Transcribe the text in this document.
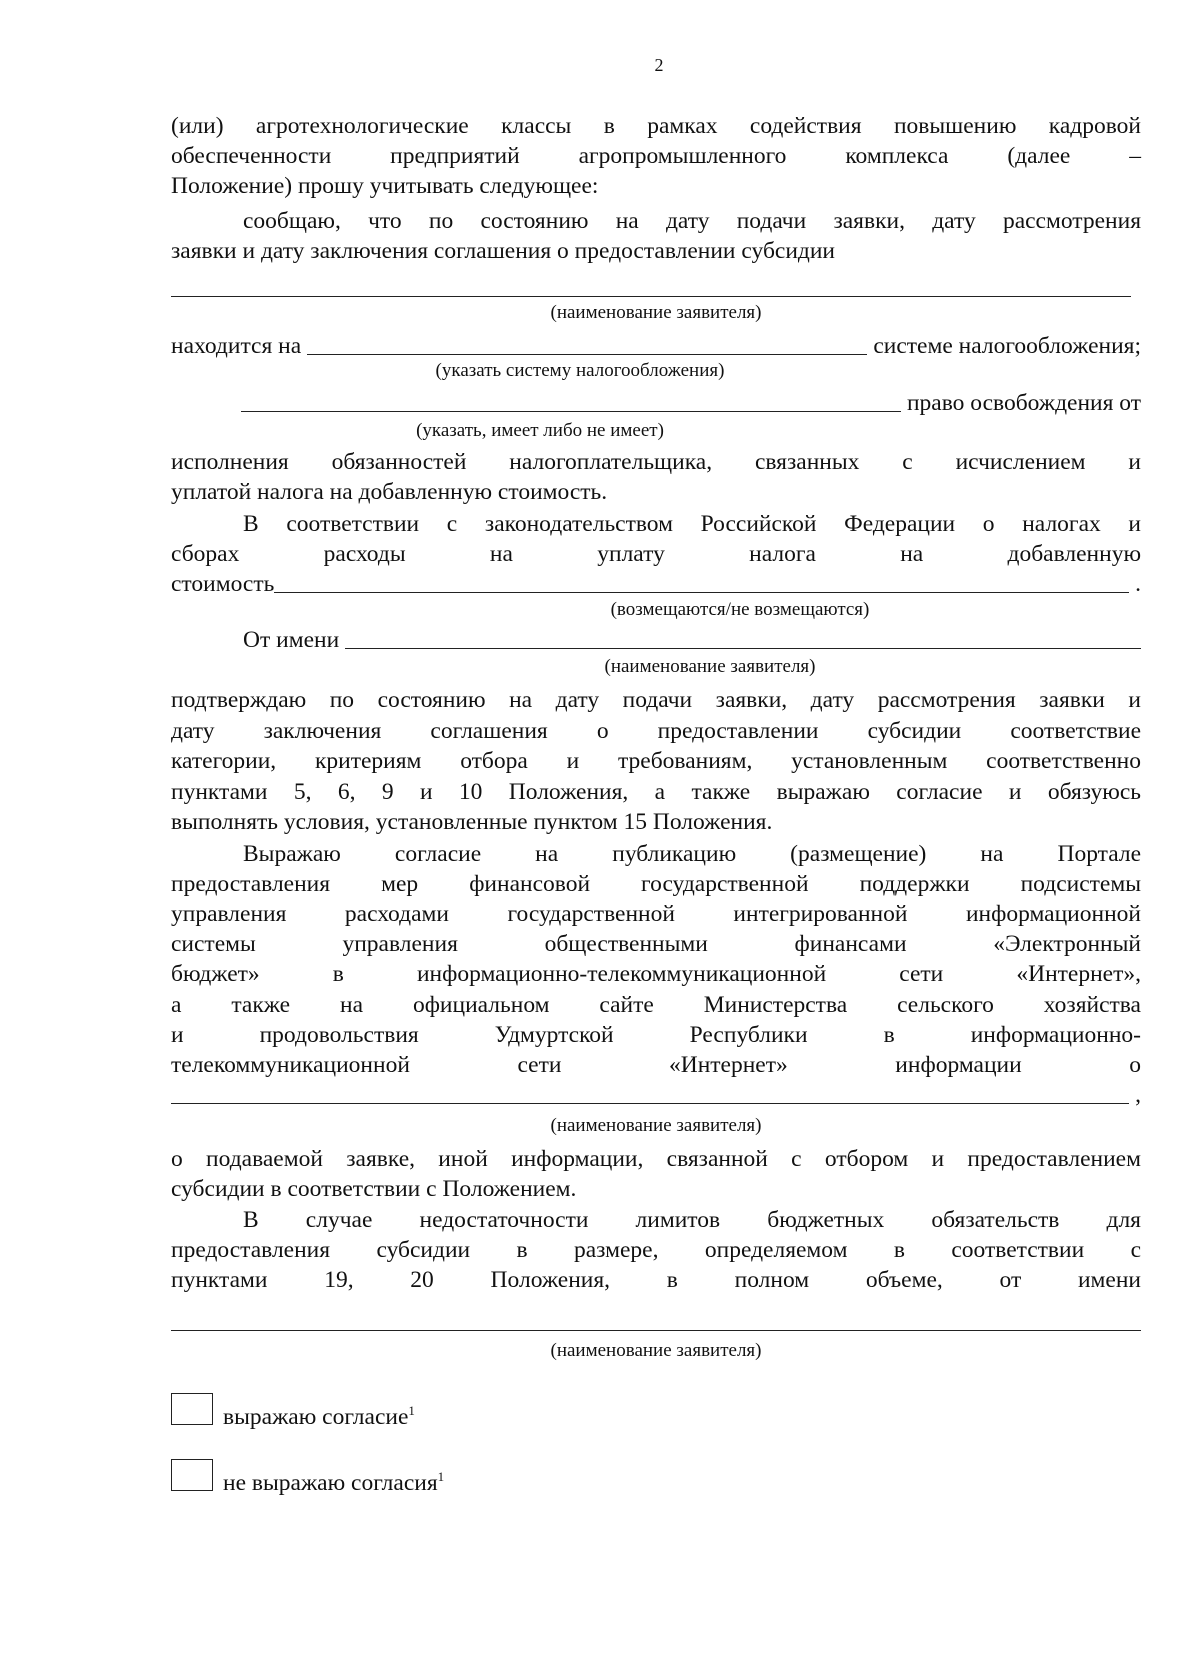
2
(или) агротехнологические классы в рамках содействия повышению кадровой
обеспеченности предприятий агропромышленного комплекса (далее –
Положение) прошу учитывать следующее:
сообщаю, что по состоянию на дату подачи заявки, дату рассмотрения
заявки и дату заключения соглашения о предоставлении субсидии
(наименование заявителя)
находится на	системе налогообложения;
(указать систему налогообложения)
право освобождения от
(указать, имеет либо не имеет)
исполнения обязанностей налогоплательщика, связанных с исчислением и
уплатой налога на добавленную стоимость.
В соответствии с законодательством Российской Федерации о налогах и
сборах расходы на уплату налога на добавленную
стоимость	.
(возмещаются/не возмещаются)
От имени
(наименование заявителя)
подтверждаю по состоянию на дату подачи заявки, дату рассмотрения заявки и
дату заключения соглашения о предоставлении субсидии соответствие
категории, критериям отбора и требованиям, установленным соответственно
пунктами 5, 6, 9 и 10 Положения, а также выражаю согласие и обязуюсь
выполнять условия, установленные пунктом 15 Положения.
Выражаю согласие на публикацию (размещение) на Портале
предоставления мер финансовой государственной поддержки подсистемы
управления расходами государственной интегрированной информационной
системы управления общественными финансами «Электронный
бюджет» в информационно-телекоммуникационной сети «Интернет»,
а также на официальном сайте Министерства сельского хозяйства
и продовольствия Удмуртской Республики в информационно-
телекоммуникационной сети «Интернет» информации о
,
(наименование заявителя)
о подаваемой заявке, иной информации, связанной с отбором и предоставлением
субсидии в соответствии с Положением.
В случае недостаточности лимитов бюджетных обязательств для
предоставления субсидии в размере, определяемом в соответствии с
пунктами 19, 20 Положения, в полном объеме, от имени
(наименование заявителя)
выражаю согласие$^1$
не выражаю согласия$^1$
